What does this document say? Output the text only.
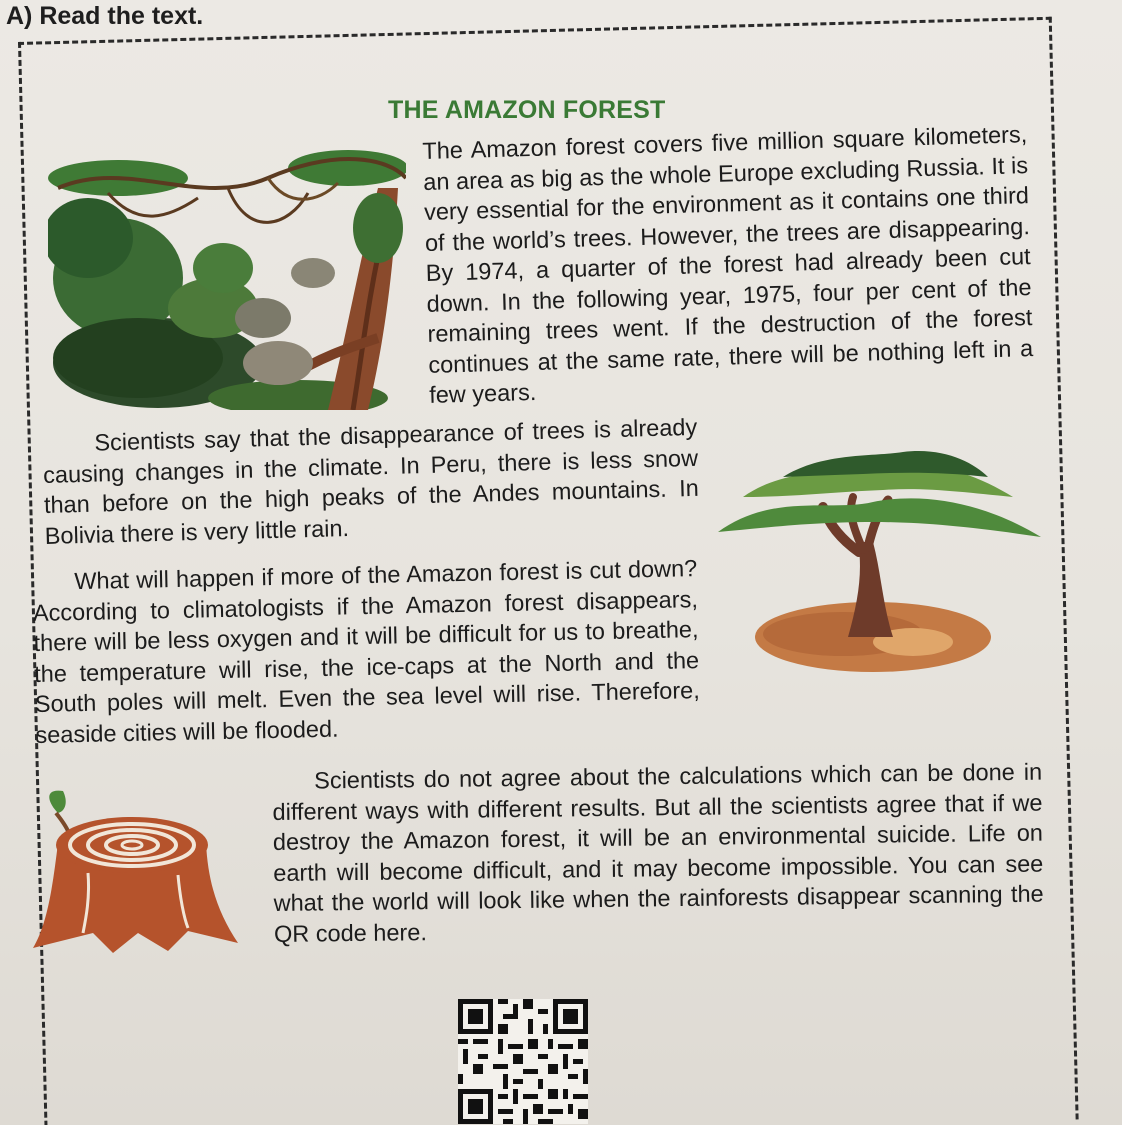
A) Read the text.
THE AMAZON FOREST

The Amazon forest covers five million square kilometers, an area as big as the whole Europe excluding Russia. It is very essential for the environment as it contains one third of the world’s trees. However, the trees are disappearing. By 1974, a quarter of the forest had already been cut down. In the following year, 1975, four per cent of the remaining trees went. If the destruction of the forest continues at the same rate, there will be nothing left in a few years.

Scientists say that the disappearance of trees is already causing changes in the climate. In Peru, there is less snow than before on the high peaks of the Andes mountains. In Bolivia there is very little rain.

What will happen if more of the Amazon forest is cut down? According to climatologists if the Amazon forest disappears, there will be less oxygen and it will be difficult for us to breathe, the temperature will rise, the ice-caps at the North and the South poles will melt. Even the sea level will rise. Therefore, seaside cities will be flooded.

Scientists do not agree about the calculations which can be done in different ways with different results. But all the scientists agree that if we destroy the Amazon forest, it will be an environmental suicide. Life on earth will become difficult, and it may become impossible. You can see what the world will look like when the rainforests disappear scanning the QR code here.
